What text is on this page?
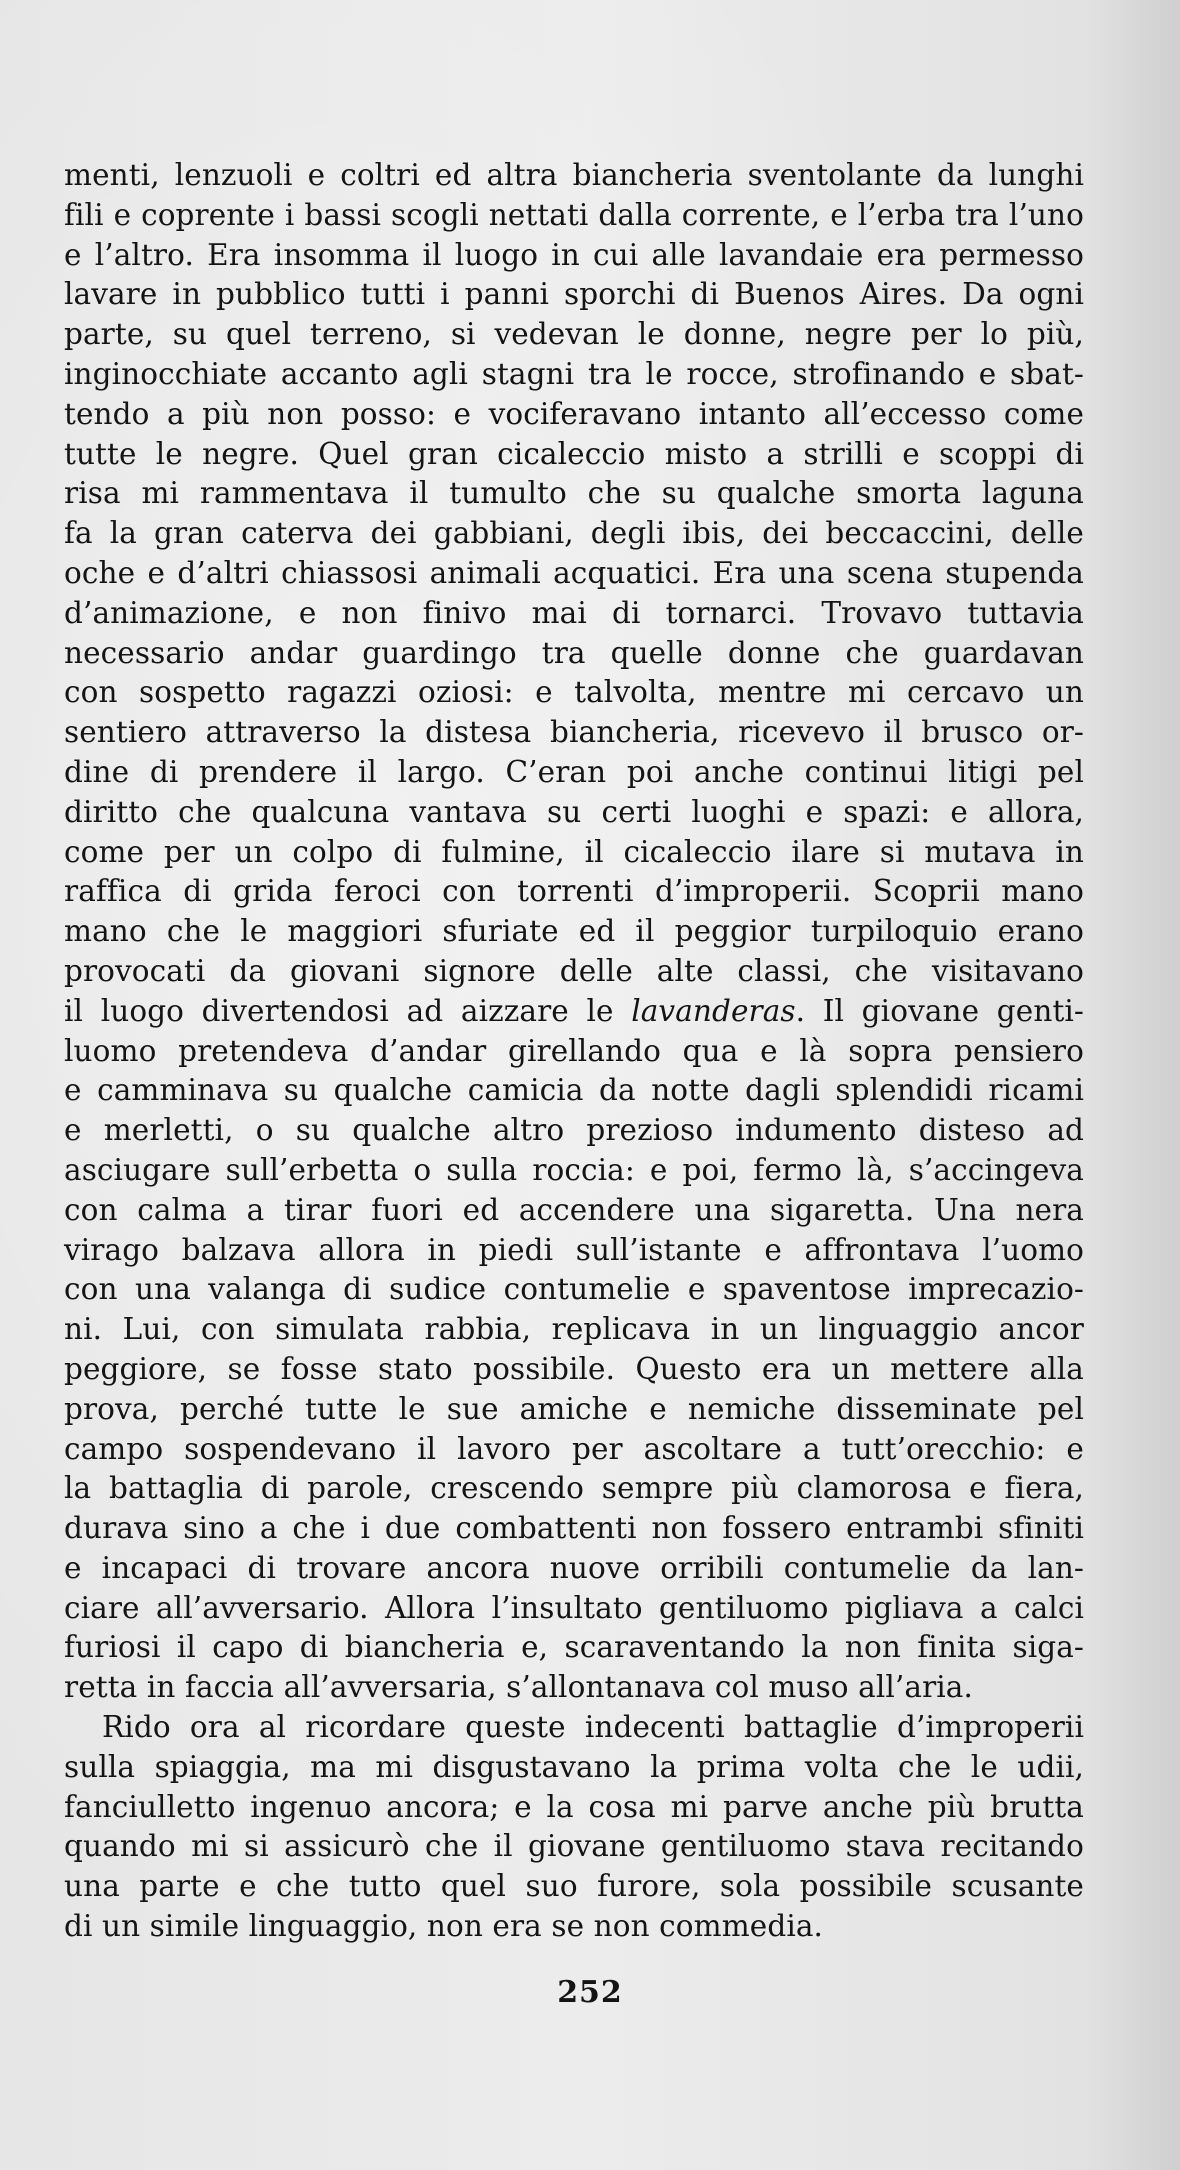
menti, lenzuoli e coltri ed altra biancheria sventolante da lunghi
fili e coprente i bassi scogli nettati dalla corrente, e l’erba tra l’uno
e l’altro. Era insomma il luogo in cui alle lavandaie era permesso
lavare in pubblico tutti i panni sporchi di Buenos Aires. Da ogni
parte, su quel terreno, si vedevan le donne, negre per lo più,
inginocchiate accanto agli stagni tra le rocce, strofinando e sbat-
tendo a più non posso: e vociferavano intanto all’eccesso come
tutte le negre. Quel gran cicaleccio misto a strilli e scoppi di
risa mi rammentava il tumulto che su qualche smorta laguna
fa la gran caterva dei gabbiani, degli ibis, dei beccaccini, delle
oche e d’altri chiassosi animali acquatici. Era una scena stupenda
d’animazione, e non finivo mai di tornarci. Trovavo tuttavia
necessario andar guardingo tra quelle donne che guardavan
con sospetto ragazzi oziosi: e talvolta, mentre mi cercavo un
sentiero attraverso la distesa biancheria, ricevevo il brusco or-
dine di prendere il largo. C’eran poi anche continui litigi pel
diritto che qualcuna vantava su certi luoghi e spazi: e allora,
come per un colpo di fulmine, il cicaleccio ilare si mutava in
raffica di grida feroci con torrenti d’improperii. Scoprii mano
mano che le maggiori sfuriate ed il peggior turpiloquio erano
provocati da giovani signore delle alte classi, che visitavano
il luogo divertendosi ad aizzare le lavanderas. Il giovane genti-
luomo pretendeva d’andar girellando qua e là sopra pensiero
e camminava su qualche camicia da notte dagli splendidi ricami
e merletti, o su qualche altro prezioso indumento disteso ad
asciugare sull’erbetta o sulla roccia: e poi, fermo là, s’accingeva
con calma a tirar fuori ed accendere una sigaretta. Una nera
virago balzava allora in piedi sull’istante e affrontava l’uomo
con una valanga di sudice contumelie e spaventose imprecazio-
ni. Lui, con simulata rabbia, replicava in un linguaggio ancor
peggiore, se fosse stato possibile. Questo era un mettere alla
prova, perché tutte le sue amiche e nemiche disseminate pel
campo sospendevano il lavoro per ascoltare a tutt’orecchio: e
la battaglia di parole, crescendo sempre più clamorosa e fiera,
durava sino a che i due combattenti non fossero entrambi sfiniti
e incapaci di trovare ancora nuove orribili contumelie da lan-
ciare all’avversario. Allora l’insultato gentiluomo pigliava a calci
furiosi il capo di biancheria e, scaraventando la non finita siga-
retta in faccia all’avversaria, s’allontanava col muso all’aria.
Rido ora al ricordare queste indecenti battaglie d’improperii
sulla spiaggia, ma mi disgustavano la prima volta che le udii,
fanciulletto ingenuo ancora; e la cosa mi parve anche più brutta
quando mi si assicurò che il giovane gentiluomo stava recitando
una parte e che tutto quel suo furore, sola possibile scusante
di un simile linguaggio, non era se non commedia.
252
